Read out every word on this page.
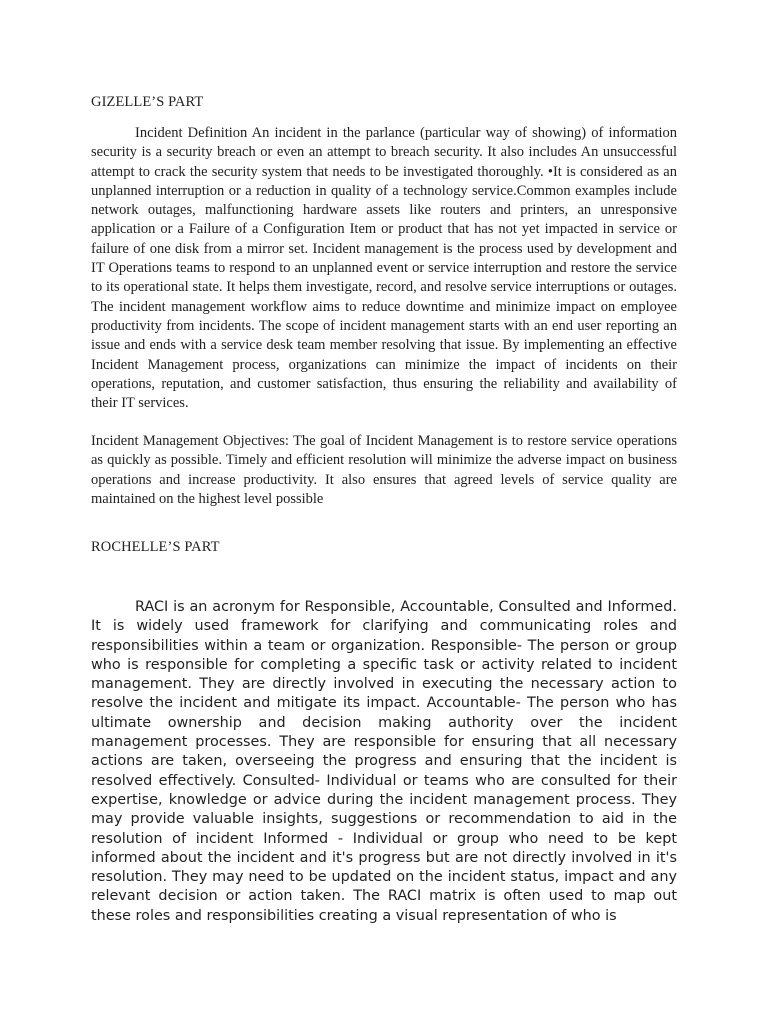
GIZELLE’S PART

Incident Definition An incident in the parlance (particular way of showing) of information security is a security breach or even an attempt to breach security. It also includes An unsuccessful attempt to crack the security system that needs to be investigated thoroughly. •It is considered as an unplanned interruption or a reduction in quality of a technology service.Common examples include network outages, malfunctioning hardware assets like routers and printers, an unresponsive application or a Failure of a Configuration Item or product that has not yet impacted in service or failure of one disk from a mirror set. Incident management is the process used by development and IT Operations teams to respond to an unplanned event or service interruption and restore the service to its operational state. It helps them investigate, record, and resolve service interruptions or outages. The incident management workflow aims to reduce downtime and minimize impact on employee productivity from incidents. The scope of incident management starts with an end user reporting an issue and ends with a service desk team member resolving that issue. By implementing an effective Incident Management process, organizations can minimize the impact of incidents on their operations, reputation, and customer satisfaction, thus ensuring the reliability and availability of their IT services.

Incident Management Objectives: The goal of Incident Management is to restore service operations as quickly as possible. Timely and efficient resolution will minimize the adverse impact on business operations and increase productivity. It also ensures that agreed levels of service quality are maintained on the highest level possible

ROCHELLE’S PART

RACI is an acronym for Responsible, Accountable, Consulted and Informed. It is widely used framework for clarifying and communicating roles and responsibilities within a team or organization. Responsible- The person or group who is responsible for completing a specific task or activity related to incident management. They are directly involved in executing the necessary action to resolve the incident and mitigate its impact. Accountable- The person who has ultimate ownership and decision making authority over the incident management processes. They are responsible for ensuring that all necessary actions are taken, overseeing the progress and ensuring that the incident is resolved effectively. Consulted- Individual or teams who are consulted for their expertise, knowledge or advice during the incident management process. They may provide valuable insights, suggestions or recommendation to aid in the resolution of incident Informed - Individual or group who need to be kept informed about the incident and it's progress but are not directly involved in it's resolution. They may need to be updated on the incident status, impact and any relevant decision or action taken. The RACI matrix is often used to map out these roles and responsibilities creating a visual representation of who is
